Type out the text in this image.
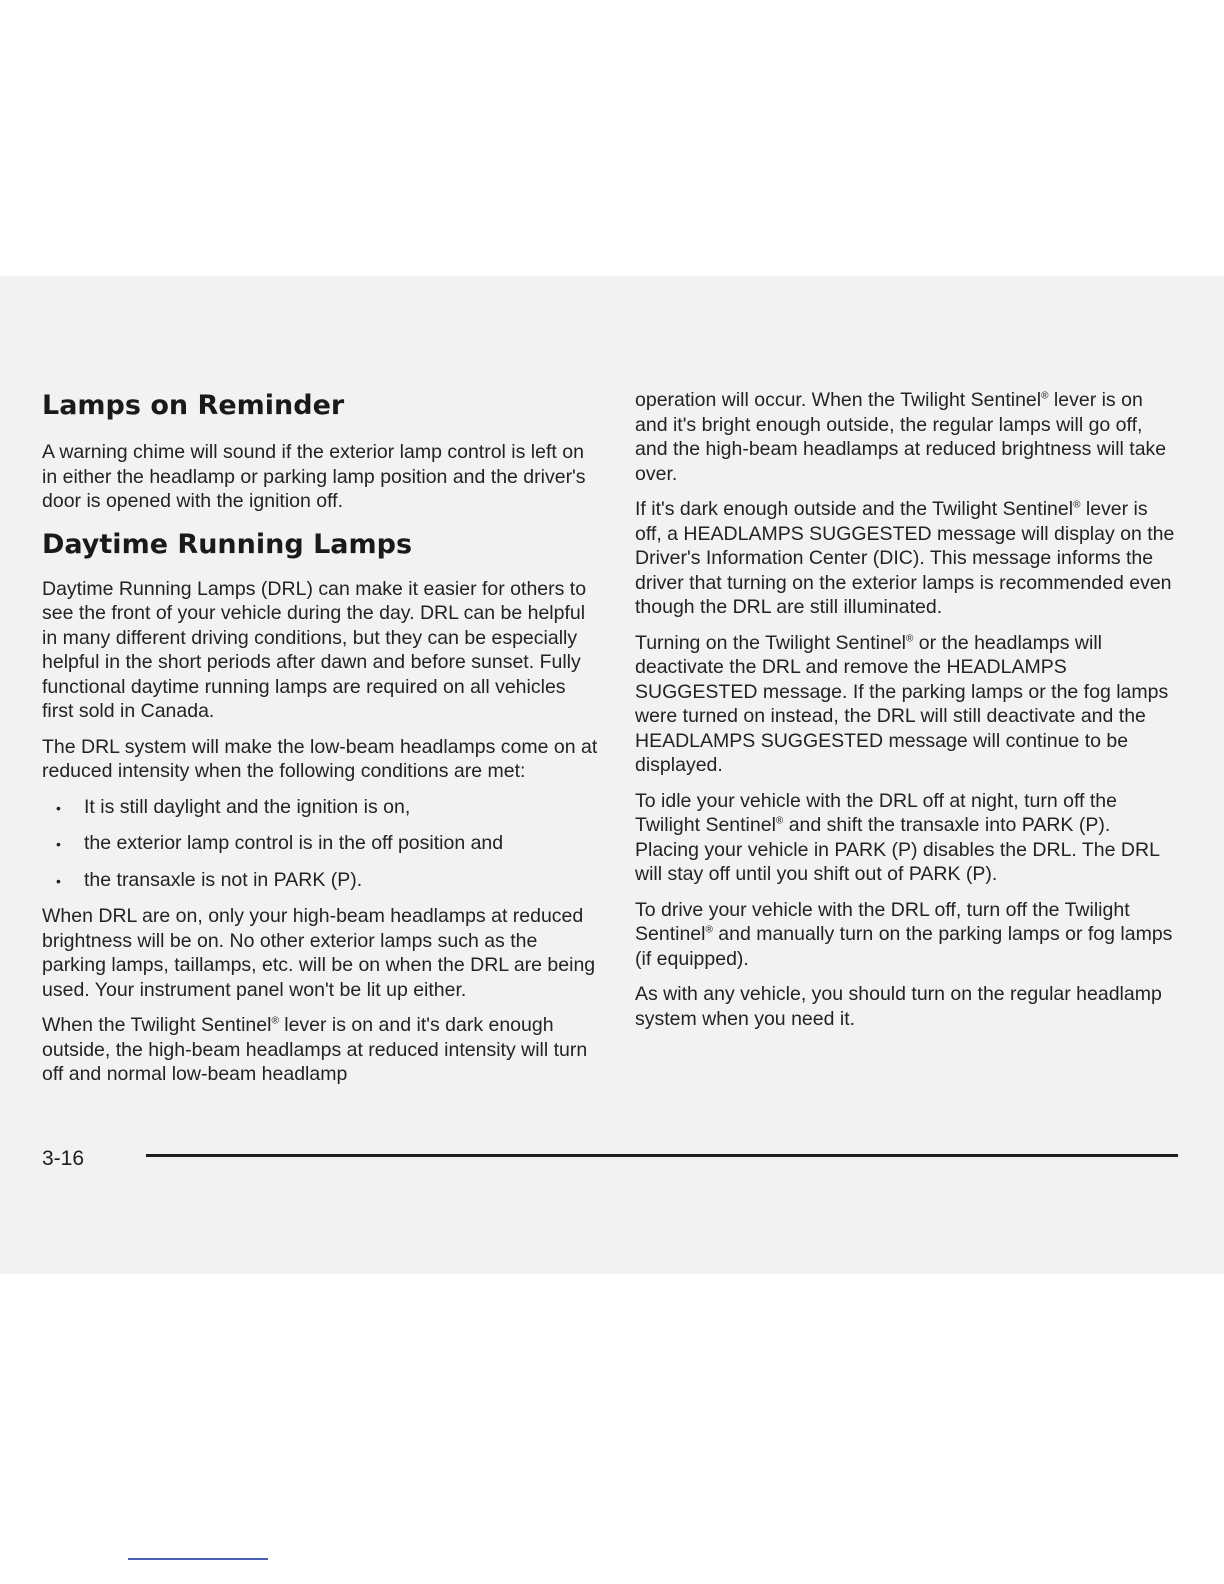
Lamps on Reminder

A warning chime will sound if the exterior lamp control is left on in either the headlamp or parking lamp position and the driver's door is opened with the ignition off.

Daytime Running Lamps

Daytime Running Lamps (DRL) can make it easier for others to see the front of your vehicle during the day. DRL can be helpful in many different driving conditions, but they can be especially helpful in the short periods after dawn and before sunset. Fully functional daytime running lamps are required on all vehicles first sold in Canada.

The DRL system will make the low-beam headlamps come on at reduced intensity when the following conditions are met:

• It is still daylight and the ignition is on,
• the exterior lamp control is in the off position and
• the transaxle is not in PARK (P).

When DRL are on, only your high-beam headlamps at reduced brightness will be on. No other exterior lamps such as the parking lamps, taillamps, etc. will be on when the DRL are being used. Your instrument panel won't be lit up either.

When the Twilight Sentinel® lever is on and it's dark enough outside, the high-beam headlamps at reduced intensity will turn off and normal low-beam headlamp

operation will occur. When the Twilight Sentinel® lever is on and it's bright enough outside, the regular lamps will go off, and the high-beam headlamps at reduced brightness will take over.

If it's dark enough outside and the Twilight Sentinel® lever is off, a HEADLAMPS SUGGESTED message will display on the Driver's Information Center (DIC). This message informs the driver that turning on the exterior lamps is recommended even though the DRL are still illuminated.

Turning on the Twilight Sentinel® or the headlamps will deactivate the DRL and remove the HEADLAMPS SUGGESTED message. If the parking lamps or the fog lamps were turned on instead, the DRL will still deactivate and the HEADLAMPS SUGGESTED message will continue to be displayed.

To idle your vehicle with the DRL off at night, turn off the Twilight Sentinel® and shift the transaxle into PARK (P). Placing your vehicle in PARK (P) disables the DRL. The DRL will stay off until you shift out of PARK (P).

To drive your vehicle with the DRL off, turn off the Twilight Sentinel® and manually turn on the parking lamps or fog lamps (if equipped).

As with any vehicle, you should turn on the regular headlamp system when you need it.

3-16
